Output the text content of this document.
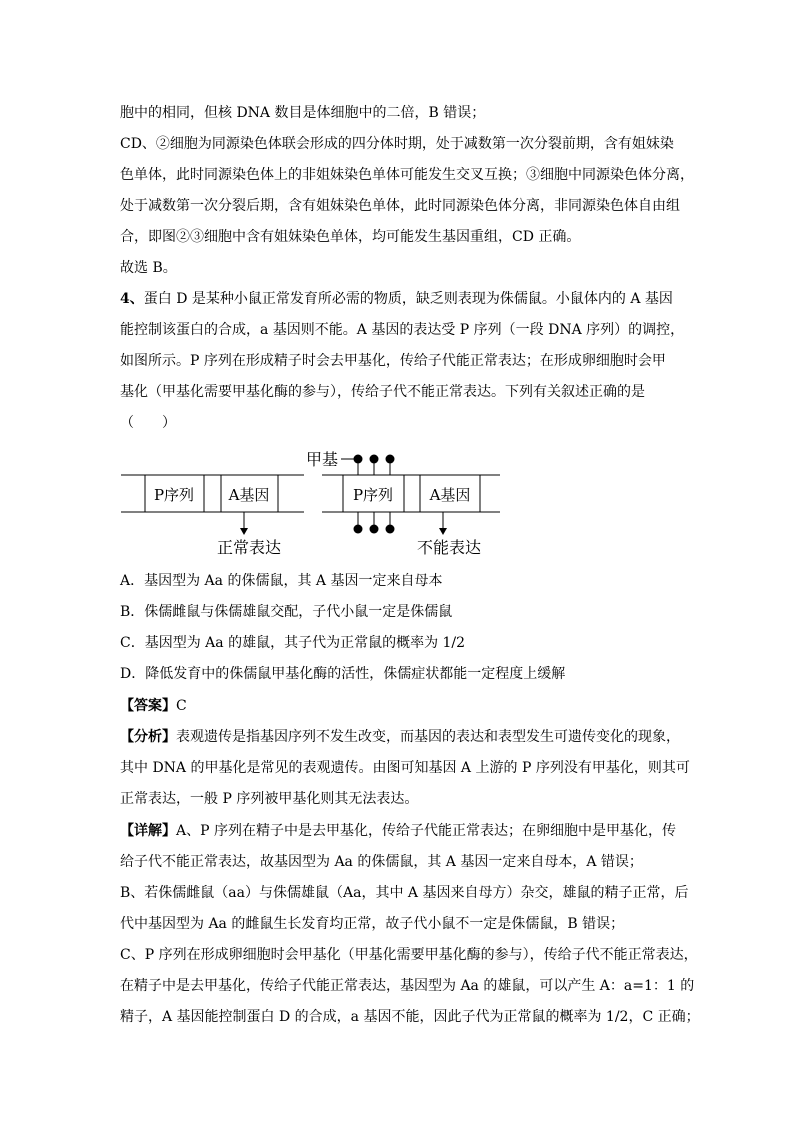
胞中的相同，但核 DNA 数目是体细胞中的二倍，B 错误；
CD、②细胞为同源染色体联会形成的四分体时期，处于减数第一次分裂前期，含有姐妹染
色单体，此时同源染色体上的非姐妹染色单体可能发生交叉互换；③细胞中同源染色体分离，
处于减数第一次分裂后期，含有姐妹染色单体，此时同源染色体分离，非同源染色体自由组
合，即图②③细胞中含有姐妹染色单体，均可能发生基因重组，CD 正确。
故选 B。
4、蛋白 D 是某种小鼠正常发育所必需的物质，缺乏则表现为侏儒鼠。小鼠体内的 A 基因
能控制该蛋白的合成，a 基因则不能。A 基因的表达受 P 序列（一段 DNA 序列）的调控，
如图所示。P 序列在形成精子时会去甲基化，传给子代能正常表达；在形成卵细胞时会甲
基化（甲基化需要甲基化酶的参与），传给子代不能正常表达。下列有关叙述正确的是
（　　）
P序列 A基因
正常表达
P序列 A基因
甲基
不能表达
A．基因型为 Aa 的侏儒鼠，其 A 基因一定来自母本
B．侏儒雌鼠与侏儒雄鼠交配，子代小鼠一定是侏儒鼠
C．基因型为 Aa 的雄鼠，其子代为正常鼠的概率为 1/2
D．降低发育中的侏儒鼠甲基化酶的活性，侏儒症状都能一定程度上缓解
【答案】C
【分析】表观遗传是指基因序列不发生改变，而基因的表达和表型发生可遗传变化的现象，
其中 DNA 的甲基化是常见的表观遗传。由图可知基因 A 上游的 P 序列没有甲基化，则其可
正常表达，一般 P 序列被甲基化则其无法表达。
【详解】A、P 序列在精子中是去甲基化，传给子代能正常表达；在卵细胞中是甲基化，传
给子代不能正常表达，故基因型为 Aa 的侏儒鼠，其 A 基因一定来自母本，A 错误；
B、若侏儒雌鼠（aa）与侏儒雄鼠（Aa，其中 A 基因来自母方）杂交，雄鼠的精子正常，后
代中基因型为 Aa 的雌鼠生长发育均正常，故子代小鼠不一定是侏儒鼠，B 错误；
C、P 序列在形成卵细胞时会甲基化（甲基化需要甲基化酶的参与），传给子代不能正常表达，
在精子中是去甲基化，传给子代能正常表达，基因型为 Aa 的雄鼠，可以产生 A：a=1：1 的
精子，A 基因能控制蛋白 D 的合成，a 基因不能，因此子代为正常鼠的概率为 1/2，C 正确；
